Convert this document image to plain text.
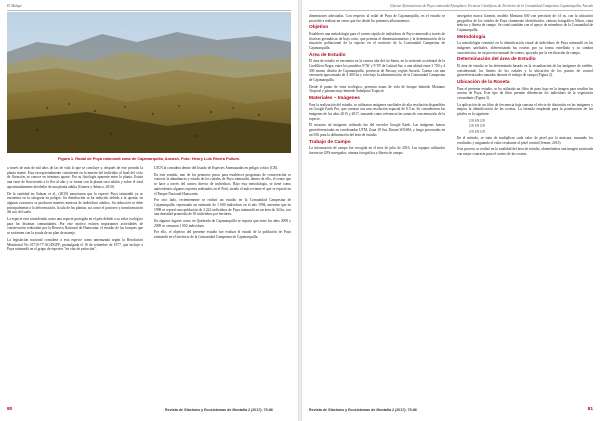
El Malqui
Figura 1. Rodal de Puya raimondii zona de Cajamarquilla, Ancash. Foto: Henry Luis Rivera Pullum.

a través de más de mil años de las de vida lo que se concluye y, después de este periodo la planta muere. Esta excepcionalmente consistente en la muerte del individuo al final del ciclo de floración, se conoce en términos aparte. Por su fisiología aparente entre la planta. Existe una serie de floreciendo a la flor al año y se forma con la planta seca adulta y sobre el total aproximadamente alrededor de una planta adulta (Gomez y Añazco, 2010).

De la cantidad en Salazar et al., (2010) mencionan que la especie Puya raimondii ya se encuentra en la categoría en peligro. Su distribución se ha reducido debido a la quema, en algunas ocasiones se producen muertes masivas de individuos adultos. Su reducción se debe principalmente a la deforestación, la tala de las plantas, así como el pastoreo y transformación del uso del suelo.

La especie está considerada como una especie protegida en el país debido a su valor ecológico para las distintas comunidades. Por este motivo existen importantes actividades de conservación realizadas por la Reserva Nacional de Huascarán, el estudio de los bosques que se sostienen con la ayuda de un plan de manejo.

La legislación nacional considera a esta especie como amenazada según la Resolución Ministerial No 01710-77-AG/DGFF, promulgada el 16 de setiembre de 1977, que incluye a Puya raimondii en el grupo de especies "en vías de extinción".

UICN la considera dentro del listado de Especies Amenazadas en peligro crítico (CR).

En este sentido, uno de los primeros pasos para establecer programas de conservación es conocer la abundancia y estado de los rodales de Puya raimondii, dentro de ello, el censo que se hace a través del conteo directo de individuos. Bajo esta metodología, se tiene como antecedentes algunos reportes realizados en el Perú, siendo el más reciente el que se reportó en el Parque Nacional Huascarán.

Por otro lado, recientemente se realizó un estudio en la Comunidad Campesina de Cajamarquilla, reportando un estimado de 1 600 individuos en el año 1994, mientras que en 1998 se reportó una población de 2 222 individuos de Puya raimondii en un área de 34 ha, con una densidad promedio de 65 individuos por hectárea.

En algunos lugares como en Quebrada de Cajamarquilla se reporta que entre los años 2008 y 2009 se censaron 1 002 individuos.

Por ello, el objetivo del presente estudio fue evaluar el estado de la población de Puya raimondii en el territorio de la Comunidad Campesina de Cajamarquilla.

80	Revista de Glaciares y Ecosistemas de Montaña 2 (2017): 79-86
Glaciar Aformaciones de Puya raimondii Ejemplares Técnicas Cientificas de Territorio de la Comunidad Campesina Cajamarquilla, Ancash

dimensiones adecuadas. Con respecto al rodal de Puya de Cajamarquilla, en el estudio se procedió a realizar un censo que fue desde los primeros afloramientos.

Objetivo

Establecer una metodología para el conteo rápido de individuos de Puya raimondii a través de técnicas geomáticas de bajo costo, que permita el dimensionamiento y la determinación de la situación poblacional de la especie en el territorio de la Comunidad Campesina de Cajamarquilla.

Área de Estudio

El área de estudio se encuentra en la cuenca alta del río Santa, en la vertiente occidental de la Cordillera Negra, entre los paralelos 9°56' y 9°59' de Latitud Sur, a una altitud entre 3 700 y 4 300 msnm, distrito de Cajamarquilla, provincia de Recuay, región Ancash. Cuenta con una extensión aproximada de 3 400 ha y está bajo la administración de la Comunidad Campesina de Cajamarquilla.

Desde el punto de vista ecológico, presenta zonas de vida de bosque húmedo Montano Tropical y páramo muy húmedo Subalpino Tropical.

Materiales – Imágenes

Para la realización del estudio, se utilizaron imágenes satelitales de alta resolución disponibles en Google Earth Pro, que cuentan con una resolución espacial de 0.5 m. Se consideraron las imágenes de los años 2015 y 2017, tomando como referencia las zonas de concentración de la especie.

El mosaico de imágenes utilizado fue del servidor Google Earth. Las imágenes fueron georreferenciadas en coordenadas UTM, Zona 18 Sur, Datum WGS84, y luego procesadas en un SIG para la delimitación del área de estudio.

Trabajo de Campo

La información de campo fue recogida en el mes de julio de 2016. Los equipos utilizados fueron un GPS navegador, cámara fotográfica y libreta de campo.

navegador marca Garmin, modelo Montana 650 con precisión de ±3 m, con la ubicación geográfica de los rodales de Puya claramente identificados, cámara fotográfica Nikon, cinta métrica y libreta de campo. Se contó también con el apoyo de miembros de la Comunidad de Cajamarquilla.

Metodología

La metodología consistió en la identificación visual de individuos de Puya raimondii en las imágenes satelitales, diferenciando las rosetas por su forma estrellada y su sombra característica, en un proceso manual de conteo, apoyado por la verificación de campo.

Determinación del área de Estudio

El área de estudio se ha determinado basado en la visualización de las imágenes de satélite, considerando los límites de los rodales y la ubicación de los puntos de control georreferenciados tomados durante el trabajo de campo (Figura 2).

Ubicación de la Roseta

Para el presente estudio, se ha utilizado un filtro de paso bajo en la imagen para resaltar las rosetas de Puya. Este tipo de filtro permite diferenciar los individuos de la vegetación circundante (Figura 3).

La aplicación de un filtro de frecuencia baja suaviza el efecto de distorsión en las imágenes y mejora la identificación de las rosetas. La fórmula empleada para la ponderación de los píxeles es la siguiente:

1/9 1/9 1/9
1/9 1/9 1/9
1/9 1/9 1/9

En el método, se trata de multiplicar cada valor de píxel por la máscara, sumando los resultados y asignando el valor resultante al píxel central (Jensen, 2015).

Este proceso se realizó en la totalidad del área de estudio, obteniéndose una imagen suavizada con mejor contraste para el conteo de las rosetas.

Revista de Glaciares y Ecosistemas de Montaña 2 (2017): 79-86	81
